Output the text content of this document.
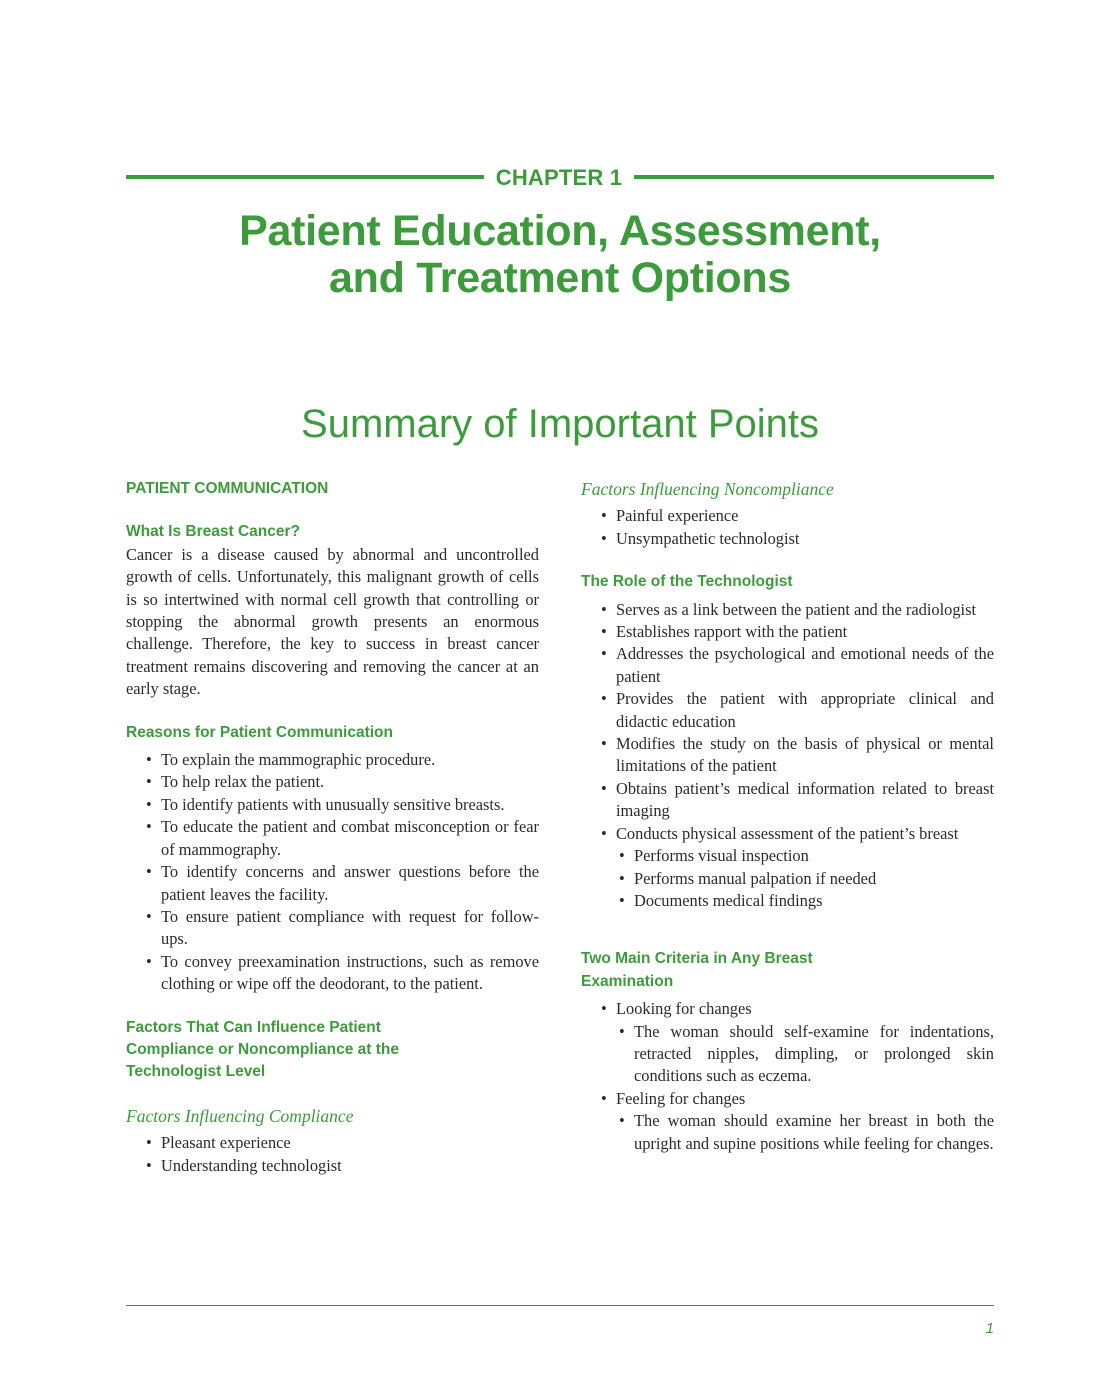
CHAPTER 1
Patient Education, Assessment,
and Treatment Options
Summary of Important Points
PATIENT COMMUNICATION
What Is Breast Cancer?

Cancer is a disease caused by abnormal and uncontrolled growth of cells. Unfortunately, this malignant growth of cells is so intertwined with normal cell growth that controlling or stopping the abnormal growth presents an enormous challenge. Therefore, the key to success in breast cancer treatment remains discovering and removing the cancer at an early stage.

Reasons for Patient Communication
• To explain the mammographic procedure.
• To help relax the patient.
• To identify patients with unusually sensitive breasts.
• To educate the patient and combat misconception or fear of mammography.
• To identify concerns and answer questions before the patient leaves the facility.
• To ensure patient compliance with request for follow-ups.
• To convey preexamination instructions, such as remove clothing or wipe off the deodorant, to the patient.
Factors That Can Influence Patient Compliance or Noncompliance at the Technologist Level
Factors Influencing Compliance
• Pleasant experience
• Understanding technologist
Factors Influencing Noncompliance
• Painful experience
• Unsympathetic technologist
The Role of the Technologist
• Serves as a link between the patient and the radiologist
• Establishes rapport with the patient
• Addresses the psychological and emotional needs of the patient
• Provides the patient with appropriate clinical and didactic education
• Modifies the study on the basis of physical or mental limitations of the patient
• Obtains patient’s medical information related to breast imaging
• Conducts physical assessment of the patient’s breast
• Performs visual inspection
• Performs manual palpation if needed
• Documents medical findings
Two Main Criteria in Any Breast Examination
• Looking for changes
• The woman should self-examine for indentations, retracted nipples, dimpling, or prolonged skin conditions such as eczema.
• Feeling for changes
• The woman should examine her breast in both the upright and supine positions while feeling for changes.
1
